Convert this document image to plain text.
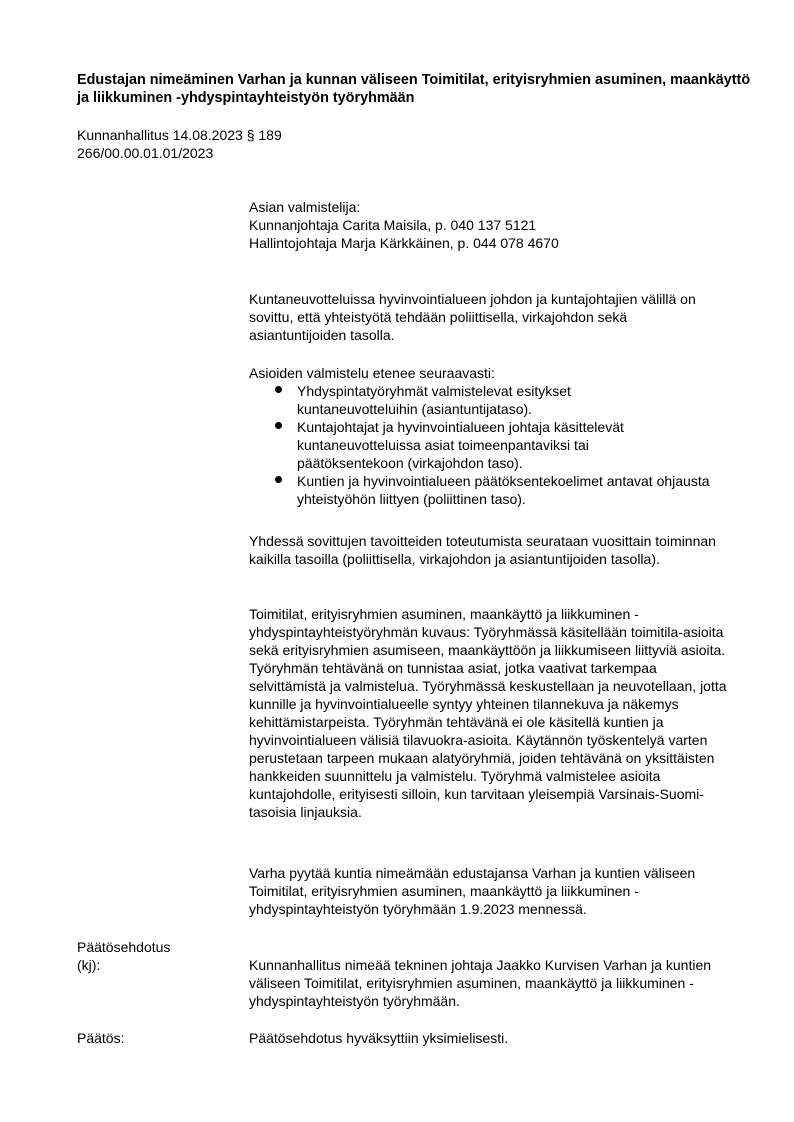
Edustajan nimeäminen Varhan ja kunnan väliseen Toimitilat, erityisryhmien asuminen, maankäyttö ja liikkuminen -yhdyspintayhteistyön työryhmään
Kunnanhallitus 14.08.2023 § 189
266/00.00.01.01/2023

Asian valmistelija:

Kunnanjohtaja Carita Maisila, p. 040 137 5121

Hallintojohtaja Marja Kärkkäinen, p. 044 078 4670

Kuntaneuvotteluissa hyvinvointialueen johdon ja kuntajohtajien välillä on sovittu, että yhteistyötä tehdään poliittisella, virkajohdon sekä asiantuntijoiden tasolla.

Asioiden valmistelu etenee seuraavasti:

Yhdyspintatyöryhmät valmistelevat esitykset kuntaneuvotteluihin (asiantuntijataso).
Kuntajohtajat ja hyvinvointialueen johtaja käsittelevät kuntaneuvotteluissa asiat toimeenpantaviksi tai päätöksentekoon (virkajohdon taso).
Kuntien ja hyvinvointialueen päätöksentekoelimet antavat ohjausta yhteistyöhön liittyen (poliittinen taso).

Yhdessä sovittujen tavoitteiden toteutumista seurataan vuosittain toiminnan kaikilla tasoilla (poliittisella, virkajohdon ja asiantuntijoiden tasolla).

Toimitilat, erityisryhmien asuminen, maankäyttö ja liikkuminen - yhdyspintayhteistyöryhmän kuvaus: Työryhmässä käsitellään toimitila-asioita sekä erityisryhmien asumiseen, maankäyttöön ja liikkumiseen liittyviä asioita. Työryhmän tehtävänä on tunnistaa asiat, jotka vaativat tarkempaa selvittämistä ja valmistelua. Työryhmässä keskustellaan ja neuvotellaan, jotta kunnille ja hyvinvointialueelle syntyy yhteinen tilannekuva ja näkemys kehittämistarpeista. Työryhmän tehtävänä ei ole käsitellä kuntien ja hyvinvointialueen välisiä tilavuokra-asioita. Käytännön työskentelyä varten perustetaan tarpeen mukaan alatyöryhmiä, joiden tehtävänä on yksittäisten hankkeiden suunnittelu ja valmistelu. Työryhmä valmistelee asioita kuntajohdolle, erityisesti silloin, kun tarvitaan yleisempiä Varsinais-Suomi-tasoisia linjauksia.

Varha pyytää kuntia nimeämään edustajansa Varhan ja kuntien väliseen Toimitilat, erityisryhmien asuminen, maankäyttö ja liikkuminen -yhdyspintayhteistyön työryhmään 1.9.2023 mennessä.

Päätösehdotus
(kj):	Kunnanhallitus nimeää tekninen johtaja Jaakko Kurvisen Varhan ja kuntien väliseen Toimitilat, erityisryhmien asuminen, maankäyttö ja liikkuminen -yhdyspintayhteistyön työryhmään.

Päätös:	Päätösehdotus hyväksyttiin yksimielisesti.
